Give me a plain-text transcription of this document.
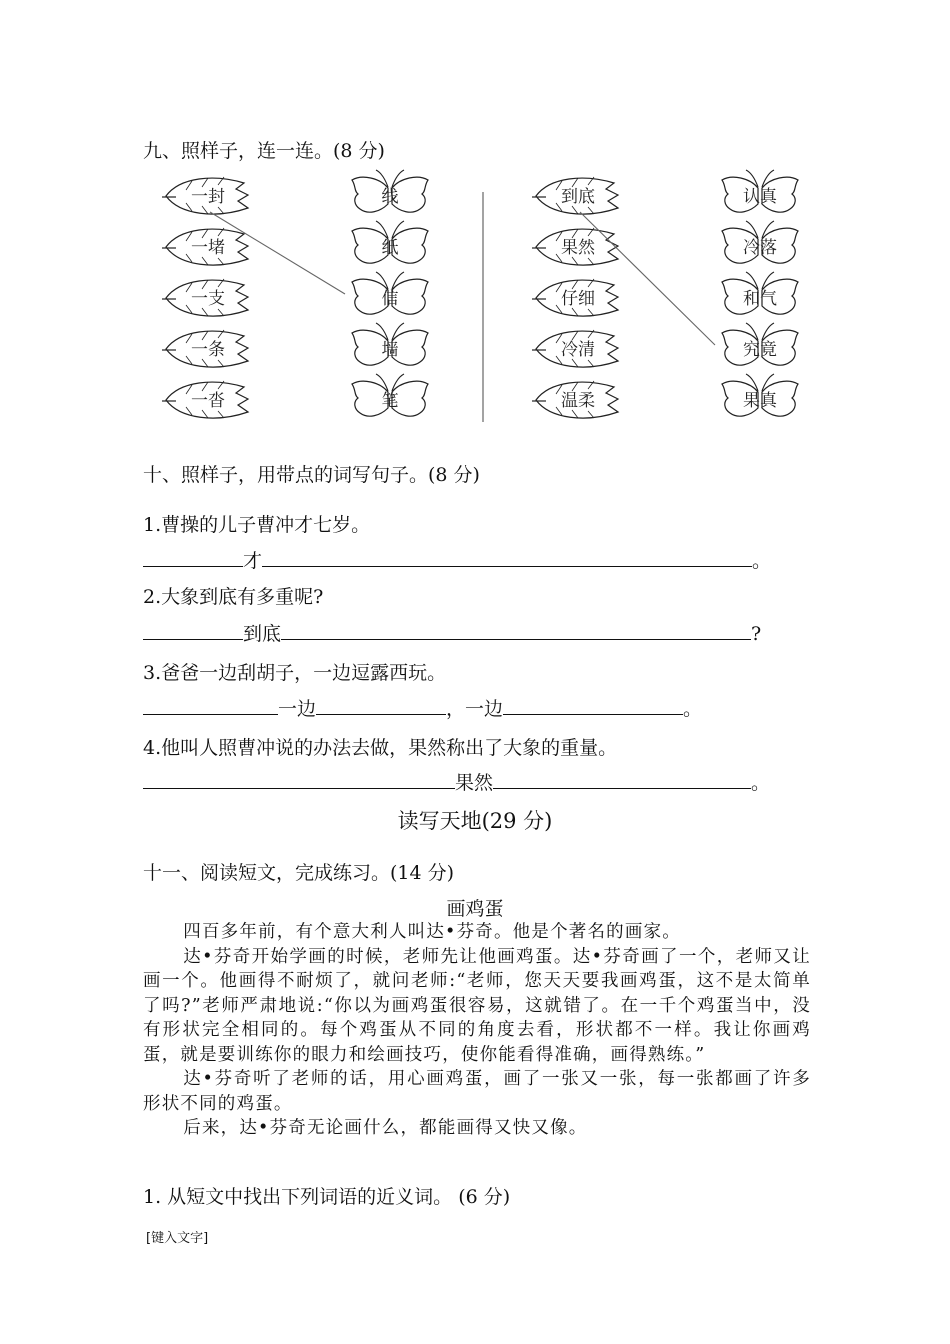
九、照样子，连一连。(8 分)
一封
一堵
一支
一条
一沓
线
纸
信
墙
笔
到底
果然
仔细
冷清
温柔
认真
冷落
和气
究竟
果真
十、照样子，用带点的词写句子。(8 分)
1.曹操的儿子曹冲才七岁。
才	。
2.大象到底有多重呢?
到底	?
3.爸爸一边刮胡子，一边逗露西玩。
一边	，一边	。
4.他叫人照曹冲说的办法去做，果然称出了大象的重量。
果然	。
读写天地(29 分)
十一、阅读短文，完成练习。(14 分)
画鸡蛋

四百多年前，有个意大利人叫达•芬奇。他是个著名的画家。

达•芬奇开始学画的时候，老师先让他画鸡蛋。达•芬奇画了一个，老师又让画一个。他画得不耐烦了，就问老师:“老师，您天天要我画鸡蛋，这不是太简单了吗?”老师严肃地说:“你以为画鸡蛋很容易，这就错了。在一千个鸡蛋当中，没有形状完全相同的。每个鸡蛋从不同的角度去看，形状都不一样。我让你画鸡蛋，就是要训练你的眼力和绘画技巧，使你能看得准确，画得熟练。”

达•芬奇听了老师的话，用心画鸡蛋，画了一张又一张，每一张都画了许多形状不同的鸡蛋。

后来，达•芬奇无论画什么，都能画得又快又像。

1. 从短文中找出下列词语的近义词。 (6 分)
[键入文字]
